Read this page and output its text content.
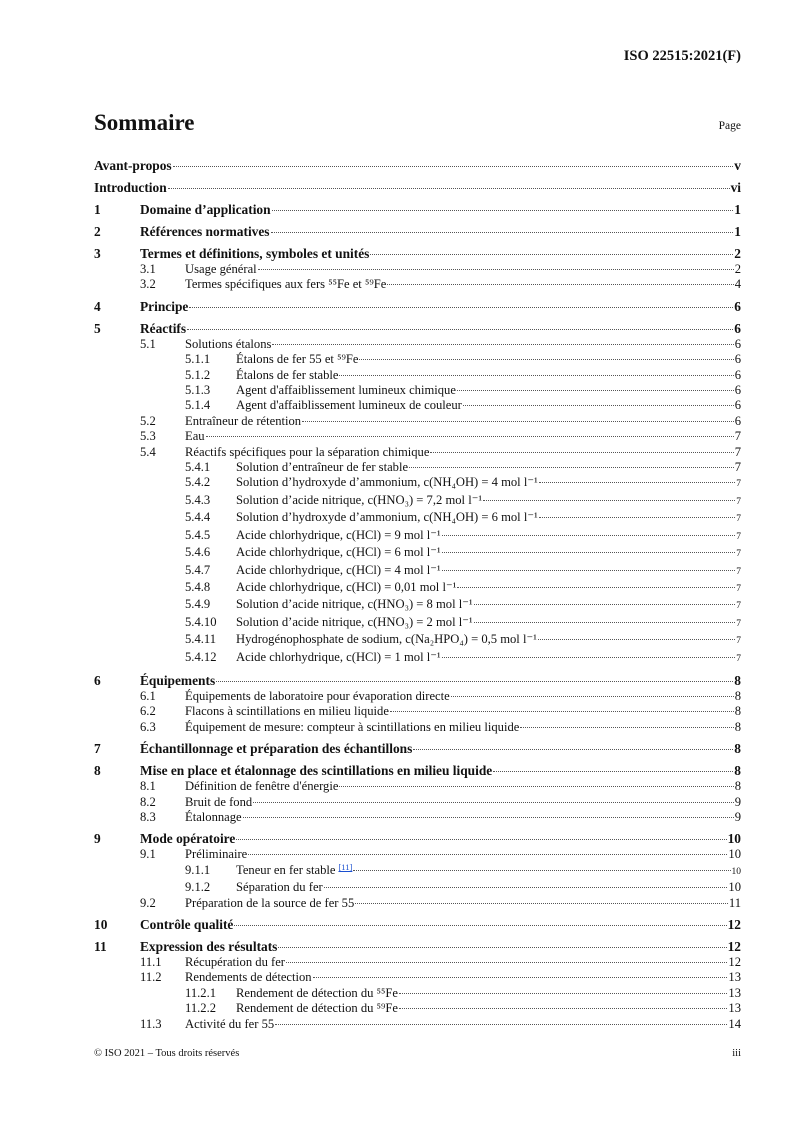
ISO 22515:2021(F)
Sommaire	Page
Avant-propos	v
Introduction	vi
1	Domaine d’application	1
2	Références normatives	1
3	Termes et définitions, symboles et unités	2
3.1	Usage général	2
3.2	Termes spécifiques aux fers ⁵⁵Fe et ⁵⁹Fe	4
4	Principe	6
5	Réactifs	6
5.1	Solutions étalons	6
5.1.1	Étalons de fer 55 et ⁵⁹Fe	6
5.1.2	Étalons de fer stable	6
5.1.3	Agent d'affaiblissement lumineux chimique	6
5.1.4	Agent d'affaiblissement lumineux de couleur	6
5.2	Entraîneur de rétention	6
5.3	Eau	7
5.4	Réactifs spécifiques pour la séparation chimique	7
5.4.1	Solution d’entraîneur de fer stable	7
5.4.2	Solution d’hydroxyde d’ammonium, c(NH₄OH) = 4 mol l⁻¹	7
5.4.3	Solution d’acide nitrique, c(HNO₃) = 7,2 mol l⁻¹	7
5.4.4	Solution d’hydroxyde d’ammonium, c(NH₄OH) = 6 mol l⁻¹	7
5.4.5	Acide chlorhydrique, c(HCl) = 9 mol l⁻¹	7
5.4.6	Acide chlorhydrique, c(HCl) = 6 mol l⁻¹	7
5.4.7	Acide chlorhydrique, c(HCl) = 4 mol l⁻¹	7
5.4.8	Acide chlorhydrique, c(HCl) = 0,01 mol l⁻¹	7
5.4.9	Solution d’acide nitrique, c(HNO₃) = 8 mol l⁻¹	7
5.4.10	Solution d’acide nitrique, c(HNO₃) = 2 mol l⁻¹	7
5.4.11	Hydrogénophosphate de sodium, c(Na₂HPO₄) = 0,5 mol l⁻¹	7
5.4.12	Acide chlorhydrique, c(HCl) = 1 mol l⁻¹	7
6	Équipements	8
6.1	Équipements de laboratoire pour évaporation directe	8
6.2	Flacons à scintillations en milieu liquide	8
6.3	Équipement de mesure: compteur à scintillations en milieu liquide	8
7	Échantillonnage et préparation des échantillons	8
8	Mise en place et étalonnage des scintillations en milieu liquide	8
8.1	Définition de fenêtre d'énergie	8
8.2	Bruit de fond	9
8.3	Étalonnage	9
9	Mode opératoire	10
9.1	Préliminaire	10
9.1.1	Teneur en fer stable [11]	10
9.1.2	Séparation du fer	10
9.2	Préparation de la source de fer 55	11
10	Contrôle qualité	12
11	Expression des résultats	12
11.1	Récupération du fer	12
11.2	Rendements de détection	13
11.2.1	Rendement de détection du ⁵⁵Fe	13
11.2.2	Rendement de détection du ⁵⁹Fe	13
11.3	Activité du fer 55	14
© ISO 2021 – Tous droits réservés	iii
